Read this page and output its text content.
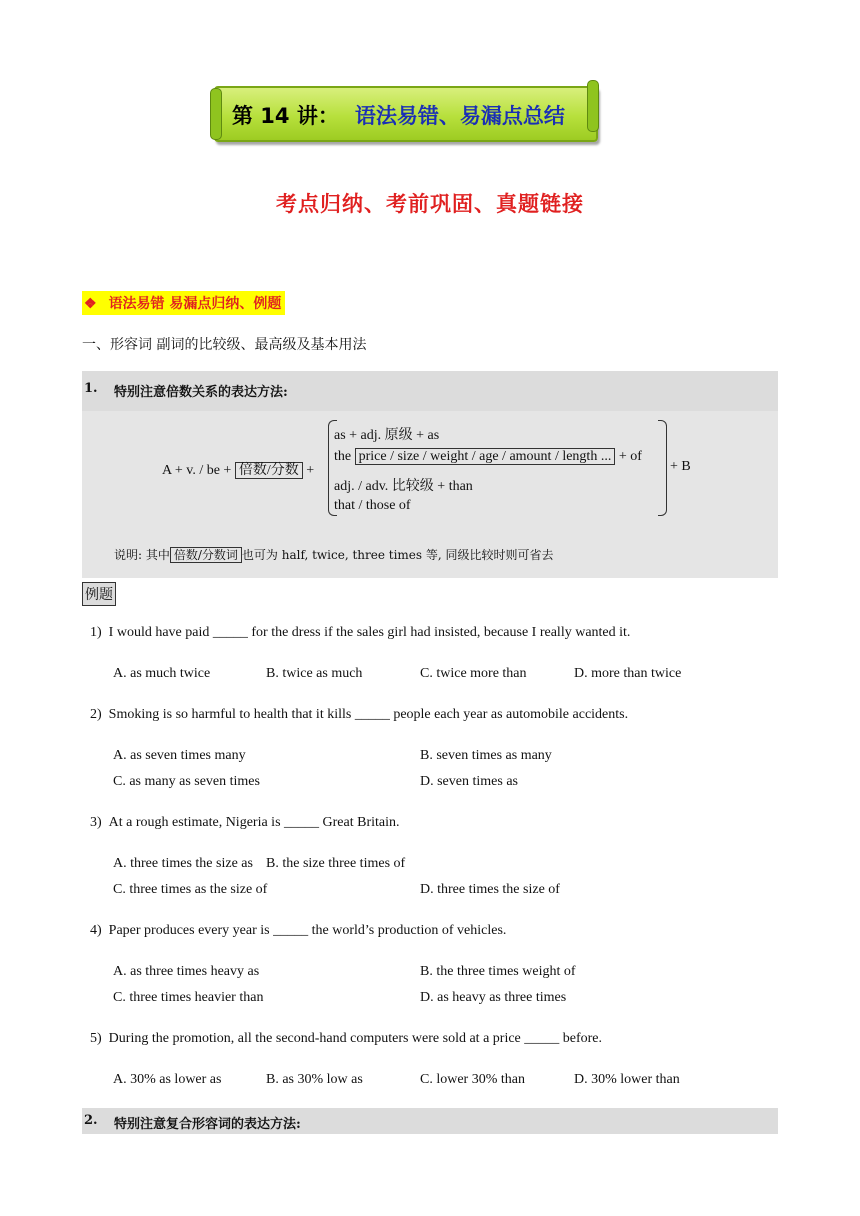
第 14 讲： 语法易错、易漏点总结
考点归纳、考前巩固、真题链接
❖ 语法易错 易漏点归纳、例题
一、形容词 副词的比较级、最高级及基本用法
1. 特别注意倍数关系的表达方法:
A + v. / be + 倍数/分数 +
as + adj. 原级 + as
the price / size / weight / age / amount / length ... + of
adj. / adv. 比较级 + than
that / those of
+ B
说明: 其中 倍数/分数词 也可为 half, twice, three times 等, 同级比较时则可省去
例题
1) I would have paid _____ for the dress if the sales girl had insisted, because I really wanted it.
A. as much twice	B. twice as much	C. twice more than	D. more than twice
2) Smoking is so harmful to health that it kills _____ people each year as automobile accidents.
A. as seven times many	B. seven times as many
C. as many as seven times	D. seven times as
3) At a rough estimate, Nigeria is _____ Great Britain.
A. three times the size as B. the size three times of
C. three times as the size of	D. three times the size of
4) Paper produces every year is _____ the world’s production of vehicles.
A. as three times heavy as	B. the three times weight of
C. three times heavier than	D. as heavy as three times
5) During the promotion, all the second-hand computers were sold at a price _____ before.
A. 30% as lower as	B. as 30% low as	C. lower 30% than	D. 30% lower than
2. 特别注意复合形容词的表达方法:
